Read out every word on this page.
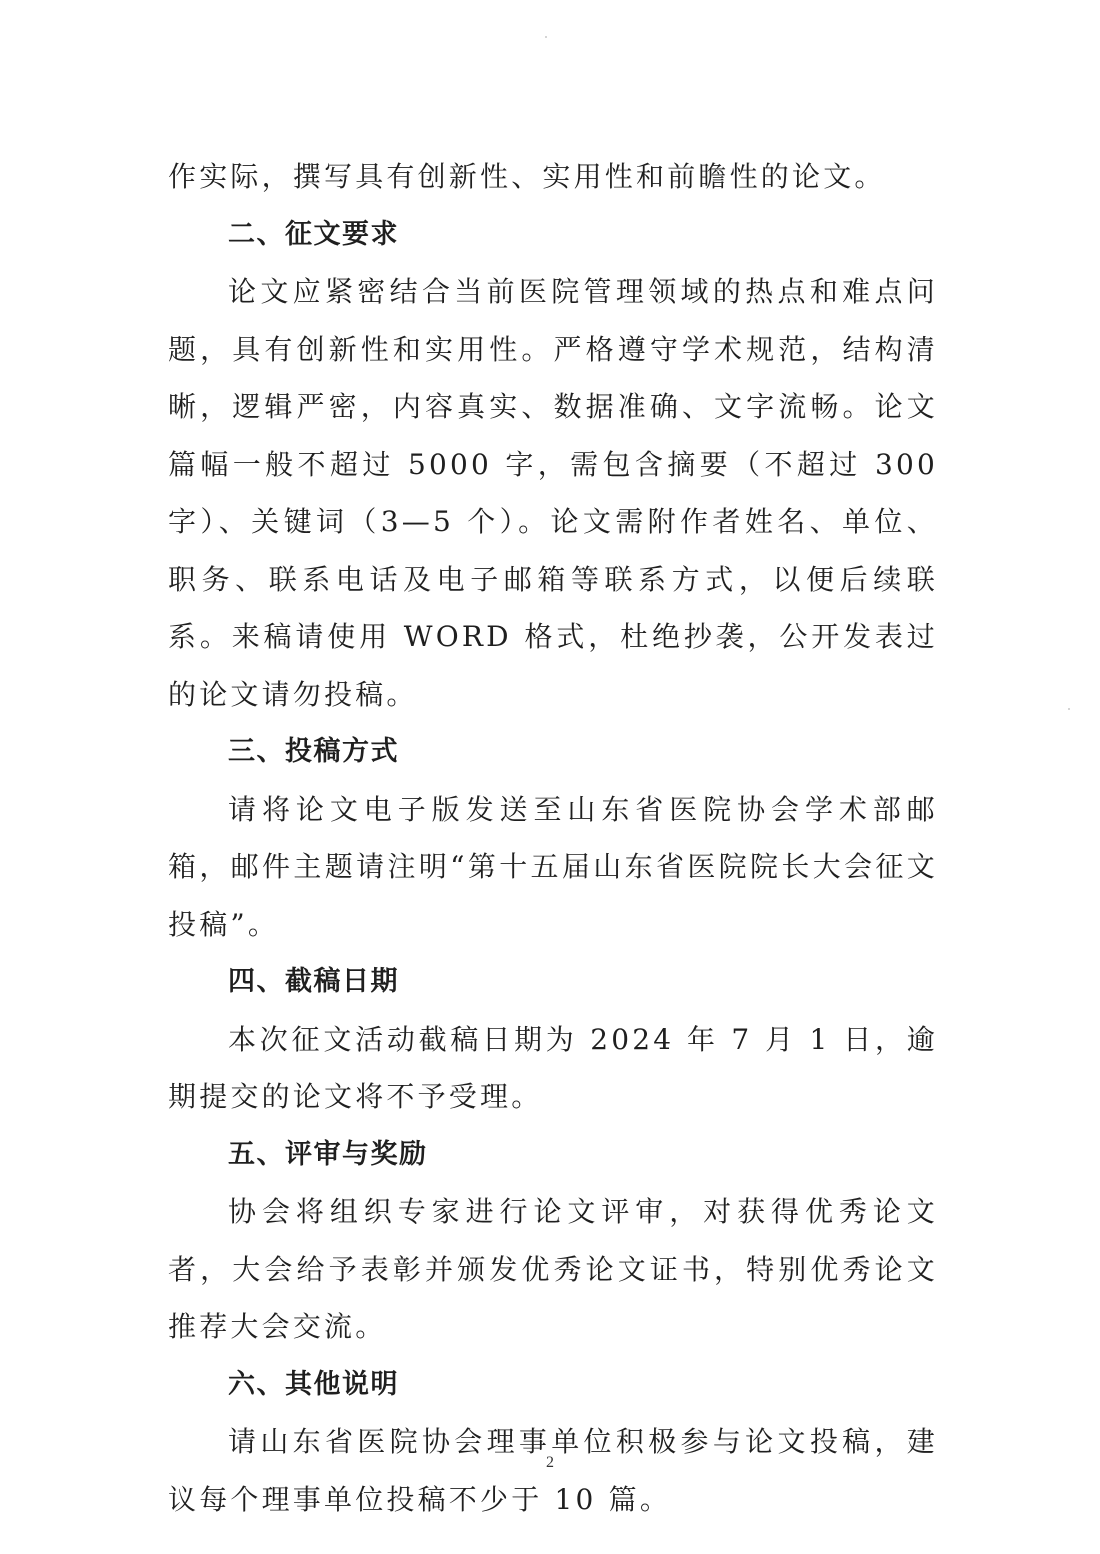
作实际，撰写具有创新性、实用性和前瞻性的论文。

二、征文要求

论文应紧密结合当前医院管理领域的热点和难点问题，具有创新性和实用性。严格遵守学术规范，结构清晰，逻辑严密，内容真实、数据准确、文字流畅。论文篇幅一般不超过 5000 字，需包含摘要（不超过 300 字）、关键词（3—5 个）。论文需附作者姓名、单位、职务、联系电话及电子邮箱等联系方式，以便后续联系。来稿请使用 WORD 格式，杜绝抄袭，公开发表过的论文请勿投稿。

三、投稿方式

请将论文电子版发送至山东省医院协会学术部邮箱，邮件主题请注明“第十五届山东省医院院长大会征文投稿”。

四、截稿日期

本次征文活动截稿日期为 2024 年 7 月 1 日，逾期提交的论文将不予受理。

五、评审与奖励

协会将组织专家进行论文评审，对获得优秀论文者，大会给予表彰并颁发优秀论文证书，特别优秀论文推荐大会交流。

六、其他说明

请山东省医院协会理事单位积极参与论文投稿，建议每个理事单位投稿不少于 10 篇。

2
